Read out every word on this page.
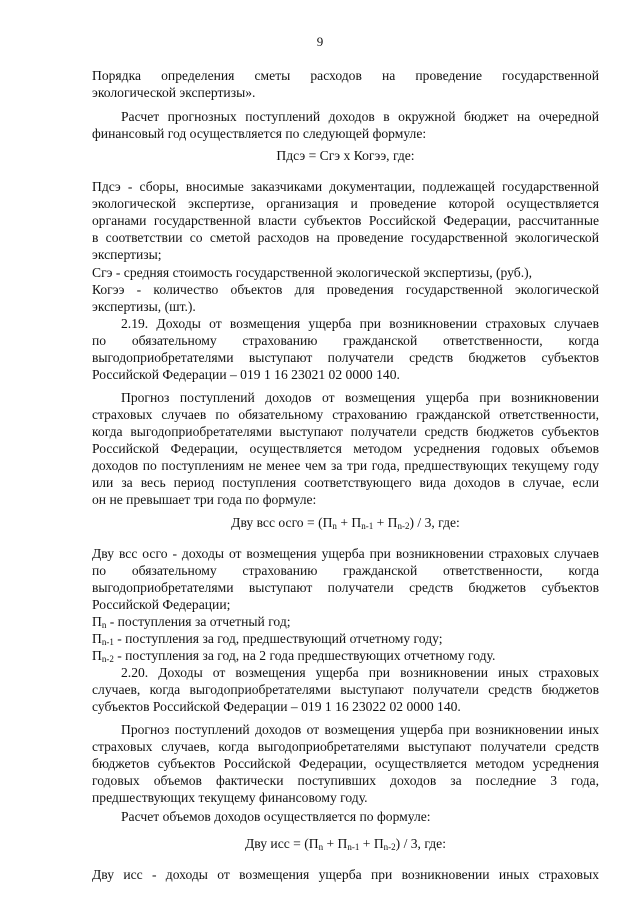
9
Порядка определения сметы расходов на проведение государственной
экологической экспертизы».
Расчет прогнозных поступлений доходов в окружной бюджет на очередной
финансовый год осуществляется по следующей формуле:
Пдсэ = Сгэ х Когээ, где:
Пдсэ - сборы, вносимые заказчиками документации, подлежащей государственной
экологической экспертизе, организация и проведение которой осуществляется
органами государственной власти субъектов Российской Федерации, рассчитанные
в соответствии со сметой расходов на проведение государственной экологической
экспертизы;
Сгэ - средняя стоимость государственной экологической экспертизы, (руб.),
Когээ - количество объектов для проведения государственной экологической
экспертизы, (шт.).
2.19. Доходы от возмещения ущерба при возникновении страховых случаев
по обязательному страхованию гражданской ответственности, когда
выгодоприобретателями выступают получатели средств бюджетов субъектов
Российской Федерации – 019 1 16 23021 02 0000 140.
Прогноз поступлений доходов от возмещения ущерба при возникновении
страховых случаев по обязательному страхованию гражданской ответственности,
когда выгодоприобретателями выступают получатели средств бюджетов субъектов
Российской Федерации, осуществляется методом усреднения годовых объемов
доходов по поступлениям не менее чем за три года, предшествующих текущему году
или за весь период поступления соответствующего вида доходов в случае, если
он не превышает три года по формуле:
Дву всс осго = $(П_n + П_{n-1} + П_{n-2}) / 3$, где:
Дву всс осго - доходы от возмещения ущерба при возникновении страховых случаев
по обязательному страхованию гражданской ответственности, когда
выгодоприобретателями выступают получатели средств бюджетов субъектов
Российской Федерации;
$П_n$ - поступления за отчетный год;
$П_{n-1}$ - поступления за год, предшествующий отчетному году;
$П_{n-2}$ - поступления за год, на 2 года предшествующих отчетному году.
2.20. Доходы от возмещения ущерба при возникновении иных страховых
случаев, когда выгодоприобретателями выступают получатели средств бюджетов
субъектов Российской Федерации – 019 1 16 23022 02 0000 140.
Прогноз поступлений доходов от возмещения ущерба при возникновении иных
страховых случаев, когда выгодоприобретателями выступают получатели средств
бюджетов субъектов Российской Федерации, осуществляется методом усреднения
годовых объемов фактически поступивших доходов за последние 3 года,
предшествующих текущему финансовому году.
Расчет объемов доходов осуществляется по формуле:
Дву исс = $(П_n + П_{n-1} + П_{n-2}) / 3$, где:
Дву исс - доходы от возмещения ущерба при возникновении иных страховых
